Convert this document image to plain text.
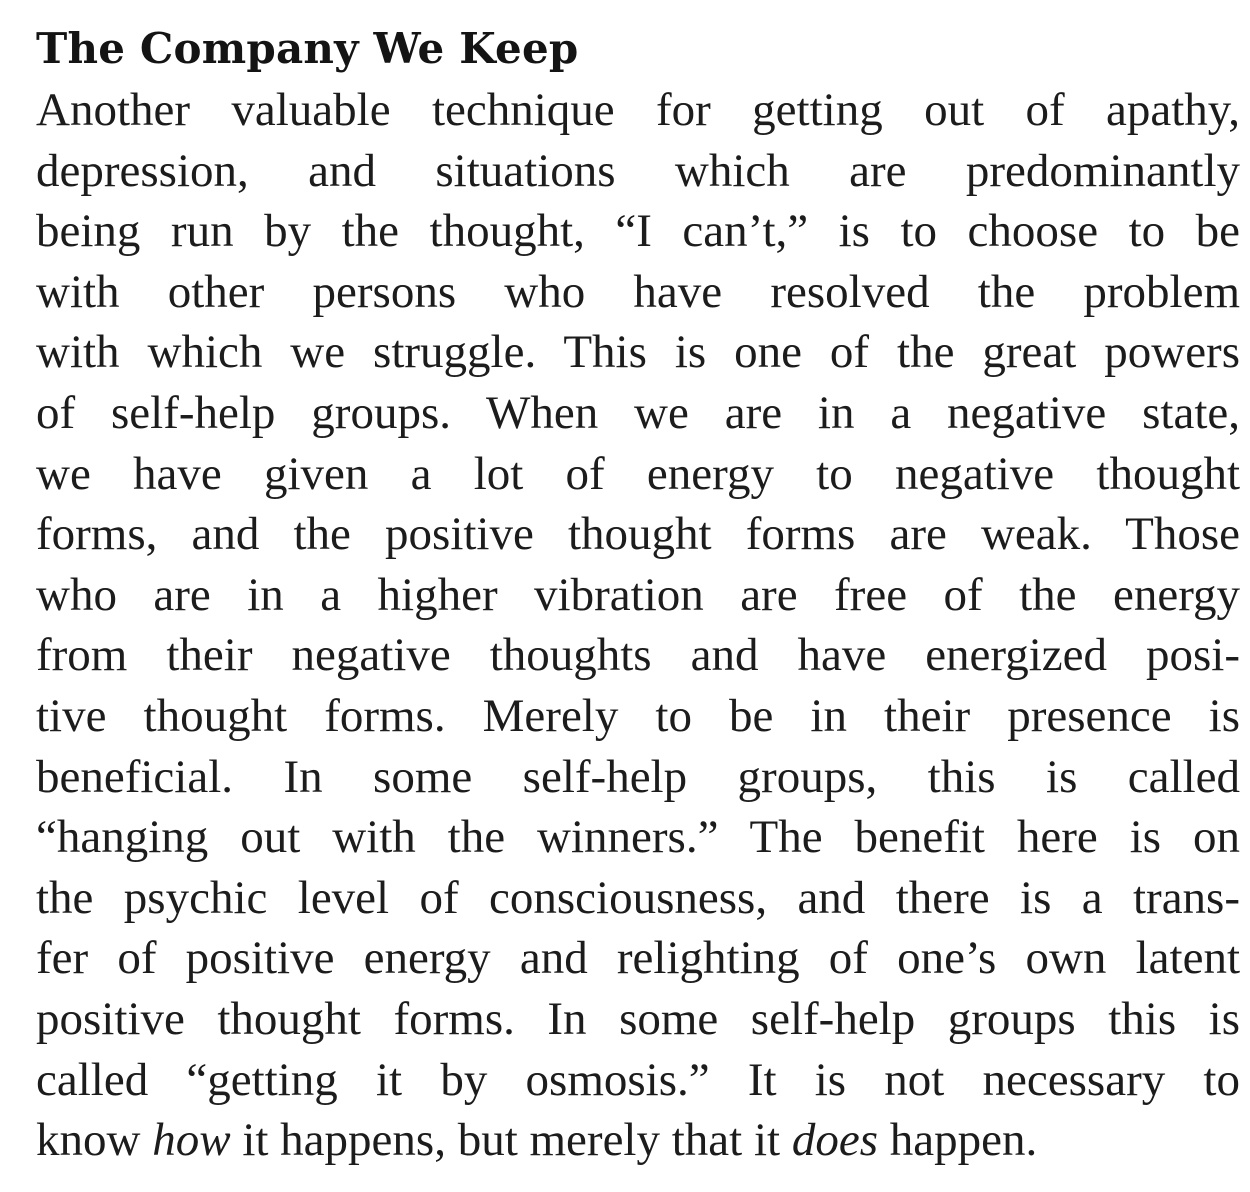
The Company We Keep
Another valuable technique for getting out of apathy,
depression, and situations which are predominantly
being run by the thought, “I can’t,” is to choose to be
with other persons who have resolved the problem
with which we struggle. This is one of the great powers
of self-help groups. When we are in a negative state,
we have given a lot of energy to negative thought
forms, and the positive thought forms are weak. Those
who are in a higher vibration are free of the energy
from their negative thoughts and have energized posi-
tive thought forms. Merely to be in their presence is
beneficial. In some self-help groups, this is called
“hanging out with the winners.” The benefit here is on
the psychic level of consciousness, and there is a trans-
fer of positive energy and relighting of one’s own latent
positive thought forms. In some self-help groups this is
called “getting it by osmosis.” It is not necessary to
know how it happens, but merely that it does happen.
